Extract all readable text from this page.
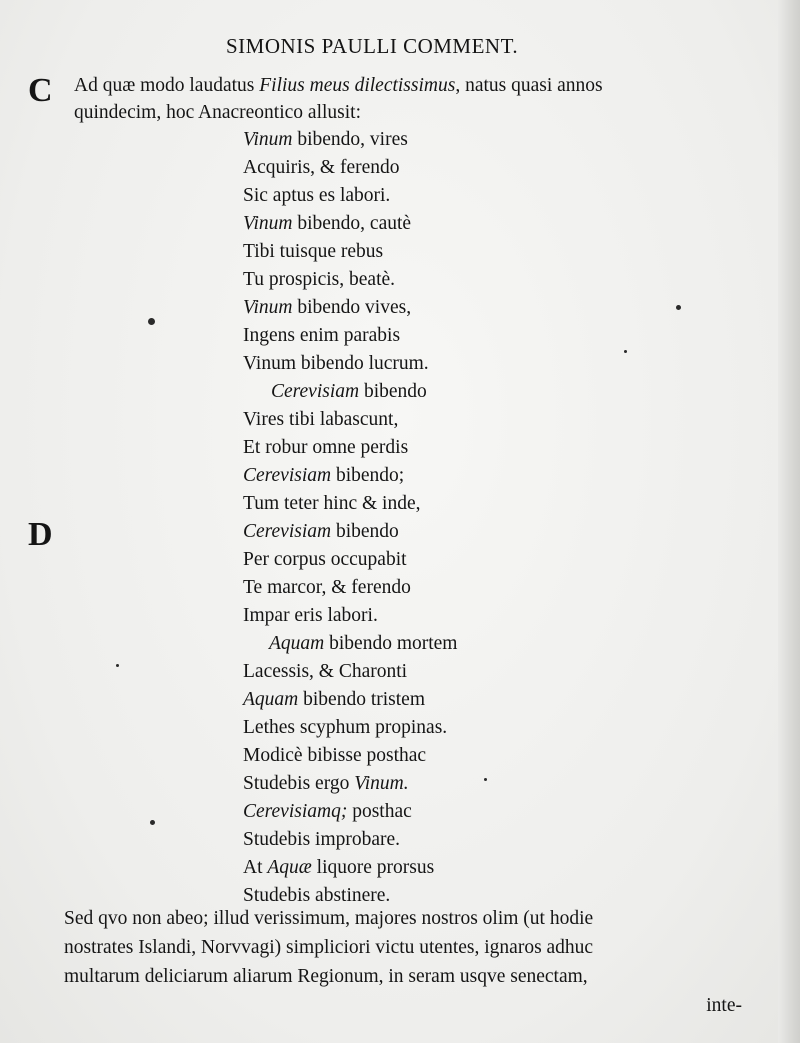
SIMONIS PAULLI COMMENT.
C
D
Ad quæ modo laudatus Filius meus dilectissimus, natus quasi annos
quindecim, hoc Anacreontico allusit:
Vinum bibendo, vires
Acquiris, & ferendo
Sic aptus es labori.
Vinum bibendo, cautè
Tibi tuisque rebus
Tu prospicis, beatè.
Vinum bibendo vives,
Ingens enim parabis
Vinum bibendo lucrum.
Cerevisiam bibendo
Vires tibi labascunt,
Et robur omne perdis
Cerevisiam bibendo;
Tum teter hinc & inde,
Cerevisiam bibendo
Per corpus occupabit
Te marcor, & ferendo
Impar eris labori.
Aquam bibendo mortem
Lacessis, & Charonti
Aquam bibendo tristem
Lethes scyphum propinas.
Modicè bibisse posthac
Studebis ergo Vinum.
Cerevisiamq; posthac
Studebis improbare.
At Aquæ liquore prorsus
Studebis abstinere.
Sed qvo non abeo; illud verissimum, majores nostros olim (ut hodie
nostrates Islandi, Norvvagi) simpliciori victu utentes, ignaros adhuc
multarum deliciarum aliarum Regionum, in seram usqve senectam,
inte-
